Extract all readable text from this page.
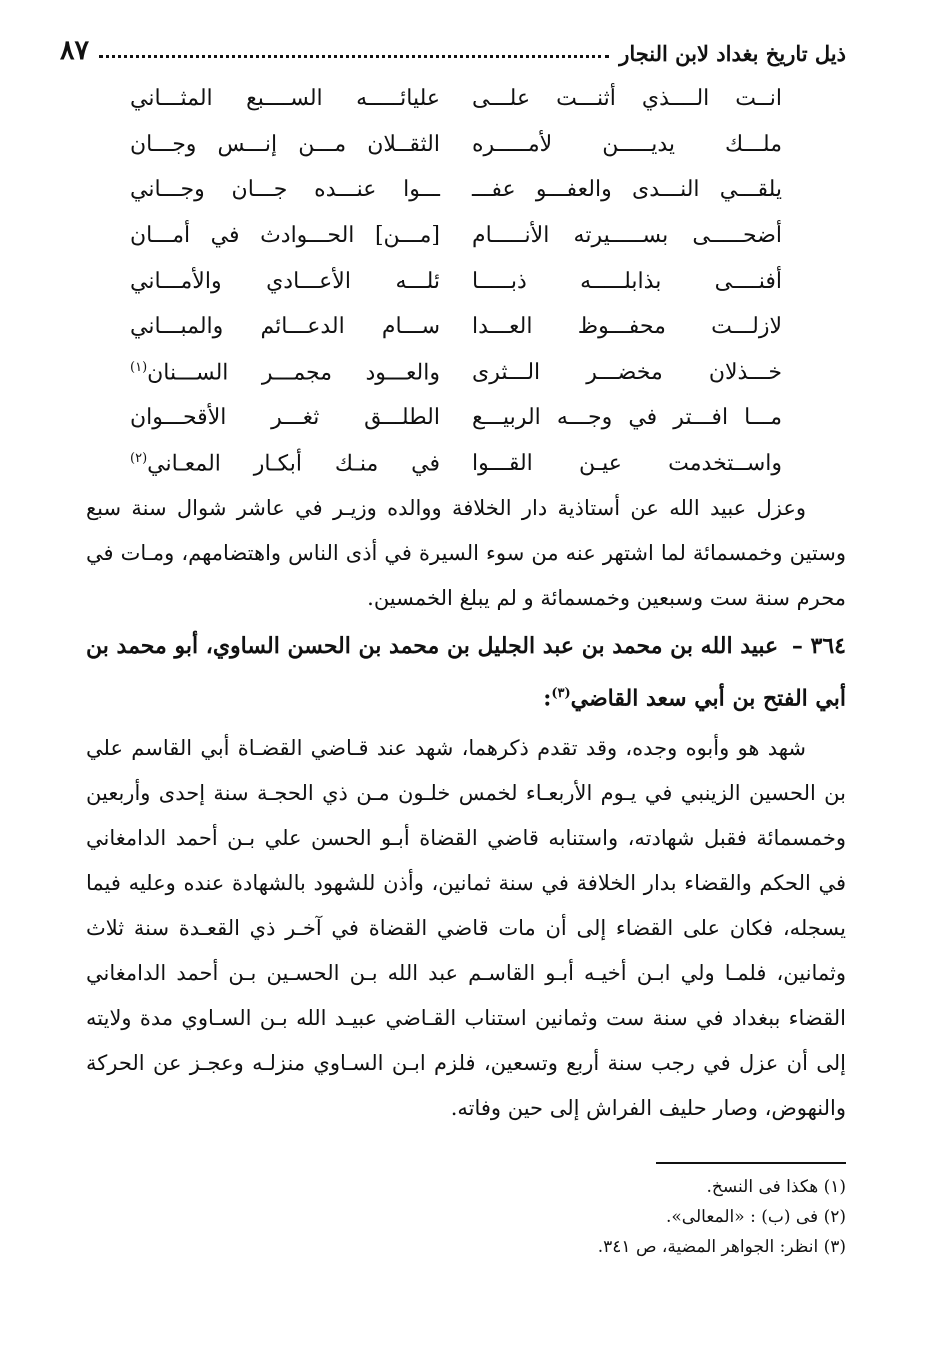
ذيل تاريخ بغداد لابن النجار
٨٧
انــت الــــذي أثنـــت علـــى
عليائـــــه الســــبع المثـــاني
ملـــك يديـــــن لأمـــــره
الثقــلان مـــن إنـــس وجـــان
يلقـــي النـــدى والعفـــو عفـــ
ـــوا عنـــده جـــان وجـــاني
أضحـــــى بســـــيرته الأنـــــام
[مـــن] الحـــوادث في أمـــان
أفنــــى بذابلـــــه ذبـــــا
ئلـــه الأعـــادي والأمـــاني
لازلـــت محفـــوظ العـــدا
ســـام الدعـــائم والمبـــاني
خـــذلان مخضـــر الـــثرى
والعـــود مجمـــر الســـنان$^{(١)}$
مـــا افـــتر في وجـــه الربيـــع
الطلـــق ثغـــر الأقحـــوان
واســتخدمت عيـن القـــوا
في منـك أبكـار المعـاني$^{(٢)}$

وعزل عبيد الله عن أستاذية دار الخلافة ووالده وزيـر في عاشر شوال سنة سبع وستين وخمسمائة لما اشتهر عنه من سوء السيرة في أذى الناس واهتضامهم، ومـات في محرم سنة ست وسبعين وخمسمائة و لم يبلغ الخمسين.

٣٦٤ – عبيد الله بن محمد بن عبد الجليل بن محمد بن الحسن الساوي، أبو محمد بن أبي الفتح بن أبي سعد القاضي$^{(٣)}$:

شهد هو وأبوه وجده، وقد تقدم ذكرهما، شهد عند قـاضي القضـاة أبي القاسم علي بن الحسين الزينبي في يـوم الأربعـاء لخمس خلـون مـن ذي الحجـة سنة إحدى وأربعين وخمسمائة فقبل شهادته، واستنابه قاضي القضاة أبـو الحسن علي بـن أحمد الدامغاني في الحكم والقضاء بدار الخلافة في سنة ثمانين، وأذن للشهود بالشهادة عنده وعليه فيما يسجله، فكان على القضاء إلى أن مات قاضي القضاة في آخـر ذي القعـدة سنة ثلاث وثمانين، فلمـا ولي ابـن أخيـه أبـو القاسـم عبد الله بـن الحسـين بـن أحمد الدامغاني القضاء ببغداد في سنة ست وثمانين استناب القـاضي عبيـد الله بـن السـاوي مدة ولايته إلى أن عزل في رجب سنة أربع وتسعين، فلزم ابـن السـاوي منزلـه وعجـز عن الحركة والنهوض، وصار حليف الفراش إلى حين وفاته.

(١) هكذا فى النسخ.
(٢) فى (ب) : «المعالى».
(٣) انظر: الجواهر المضية، ص ٣٤١.
